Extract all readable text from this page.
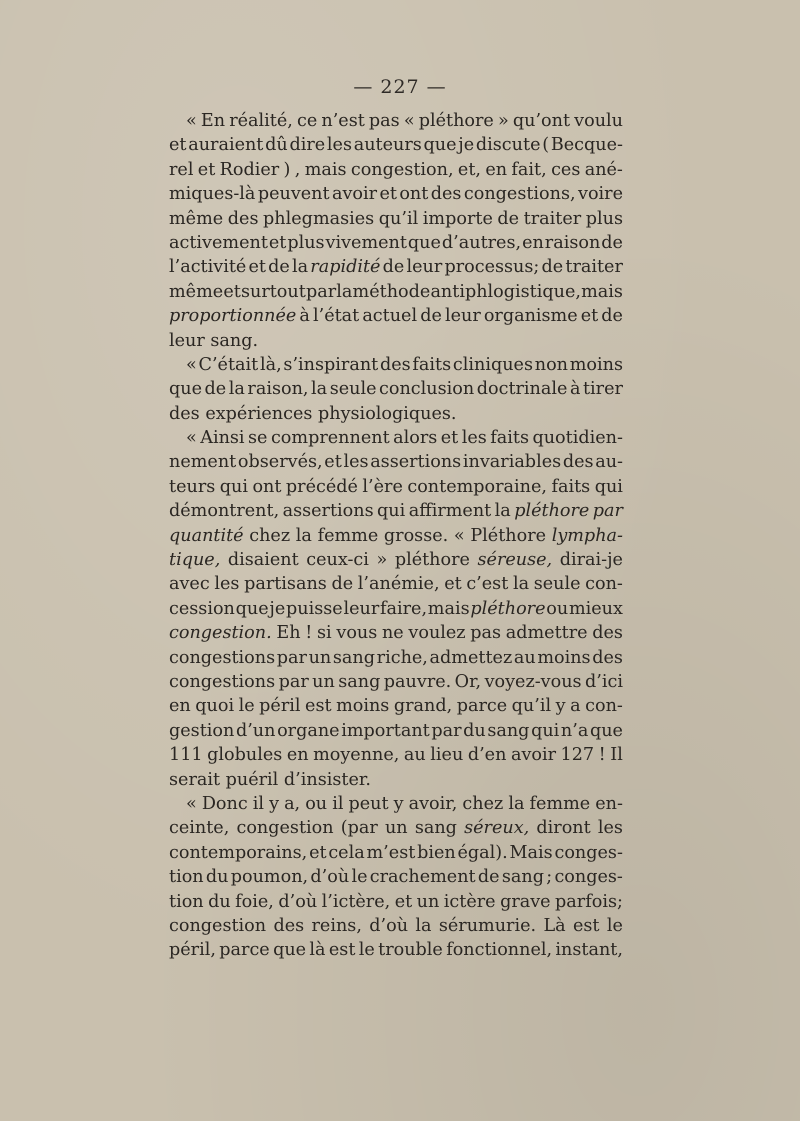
— 227 —
« En réalité, ce n’est pas « pléthore » qu’ont voulu
et auraient dû dire les auteurs que je discute ( Becque-
rel et Rodier ) , mais congestion, et, en fait, ces ané-
miques-là peuvent avoir et ont des congestions, voire
même des phlegmasies qu’il importe de traiter plus
activement et plus vivement que d’autres, en raison de
l’activité et de la rapidité de leur processus; de traiter
même et surtout par la méthode antiphlogistique, mais
proportionnée à l’état actuel de leur organisme et de
leur
sang.
« C’était là, s’inspirant des faits cliniques non moins
que de la raison, la seule conclusion doctrinale à tirer
des
expériences
physiologiques.
« Ainsi se comprennent alors et les faits quotidien-
nement observés, et les assertions invariables des au-
teurs qui ont précédé l’ère contemporaine, faits qui
démontrent, assertions qui affirment la pléthore par
quantité chez la femme grosse. « Pléthore lympha-
tique, disaient ceux-ci » pléthore séreuse, dirai-je
avec les partisans de l’anémie, et c’est la seule con-
cession que je puisse leur faire, mais pléthore ou mieux
congestion. Eh ! si vous ne voulez pas admettre des
congestions par un sang riche, admettez au moins des
congestions par un sang pauvre. Or, voyez-vous d’ici
en quoi le péril est moins grand, parce qu’il y a con-
gestion d’un organe important par du sang qui n’a que
111 globules en moyenne, au lieu d’en avoir 127 ! Il
serait
puéril
d’insister.
« Donc il y a, ou il peut y avoir, chez la femme en-
ceinte, congestion (par un sang séreux, diront les
contemporains, et cela m’est bien égal). Mais conges-
tion du poumon, d’où le crachement de sang ; conges-
tion du foie, d’où l’ictère, et un ictère grave parfois;
congestion des reins, d’où la sérumurie. Là est le
péril, parce que là est le trouble fonctionnel, instant,
